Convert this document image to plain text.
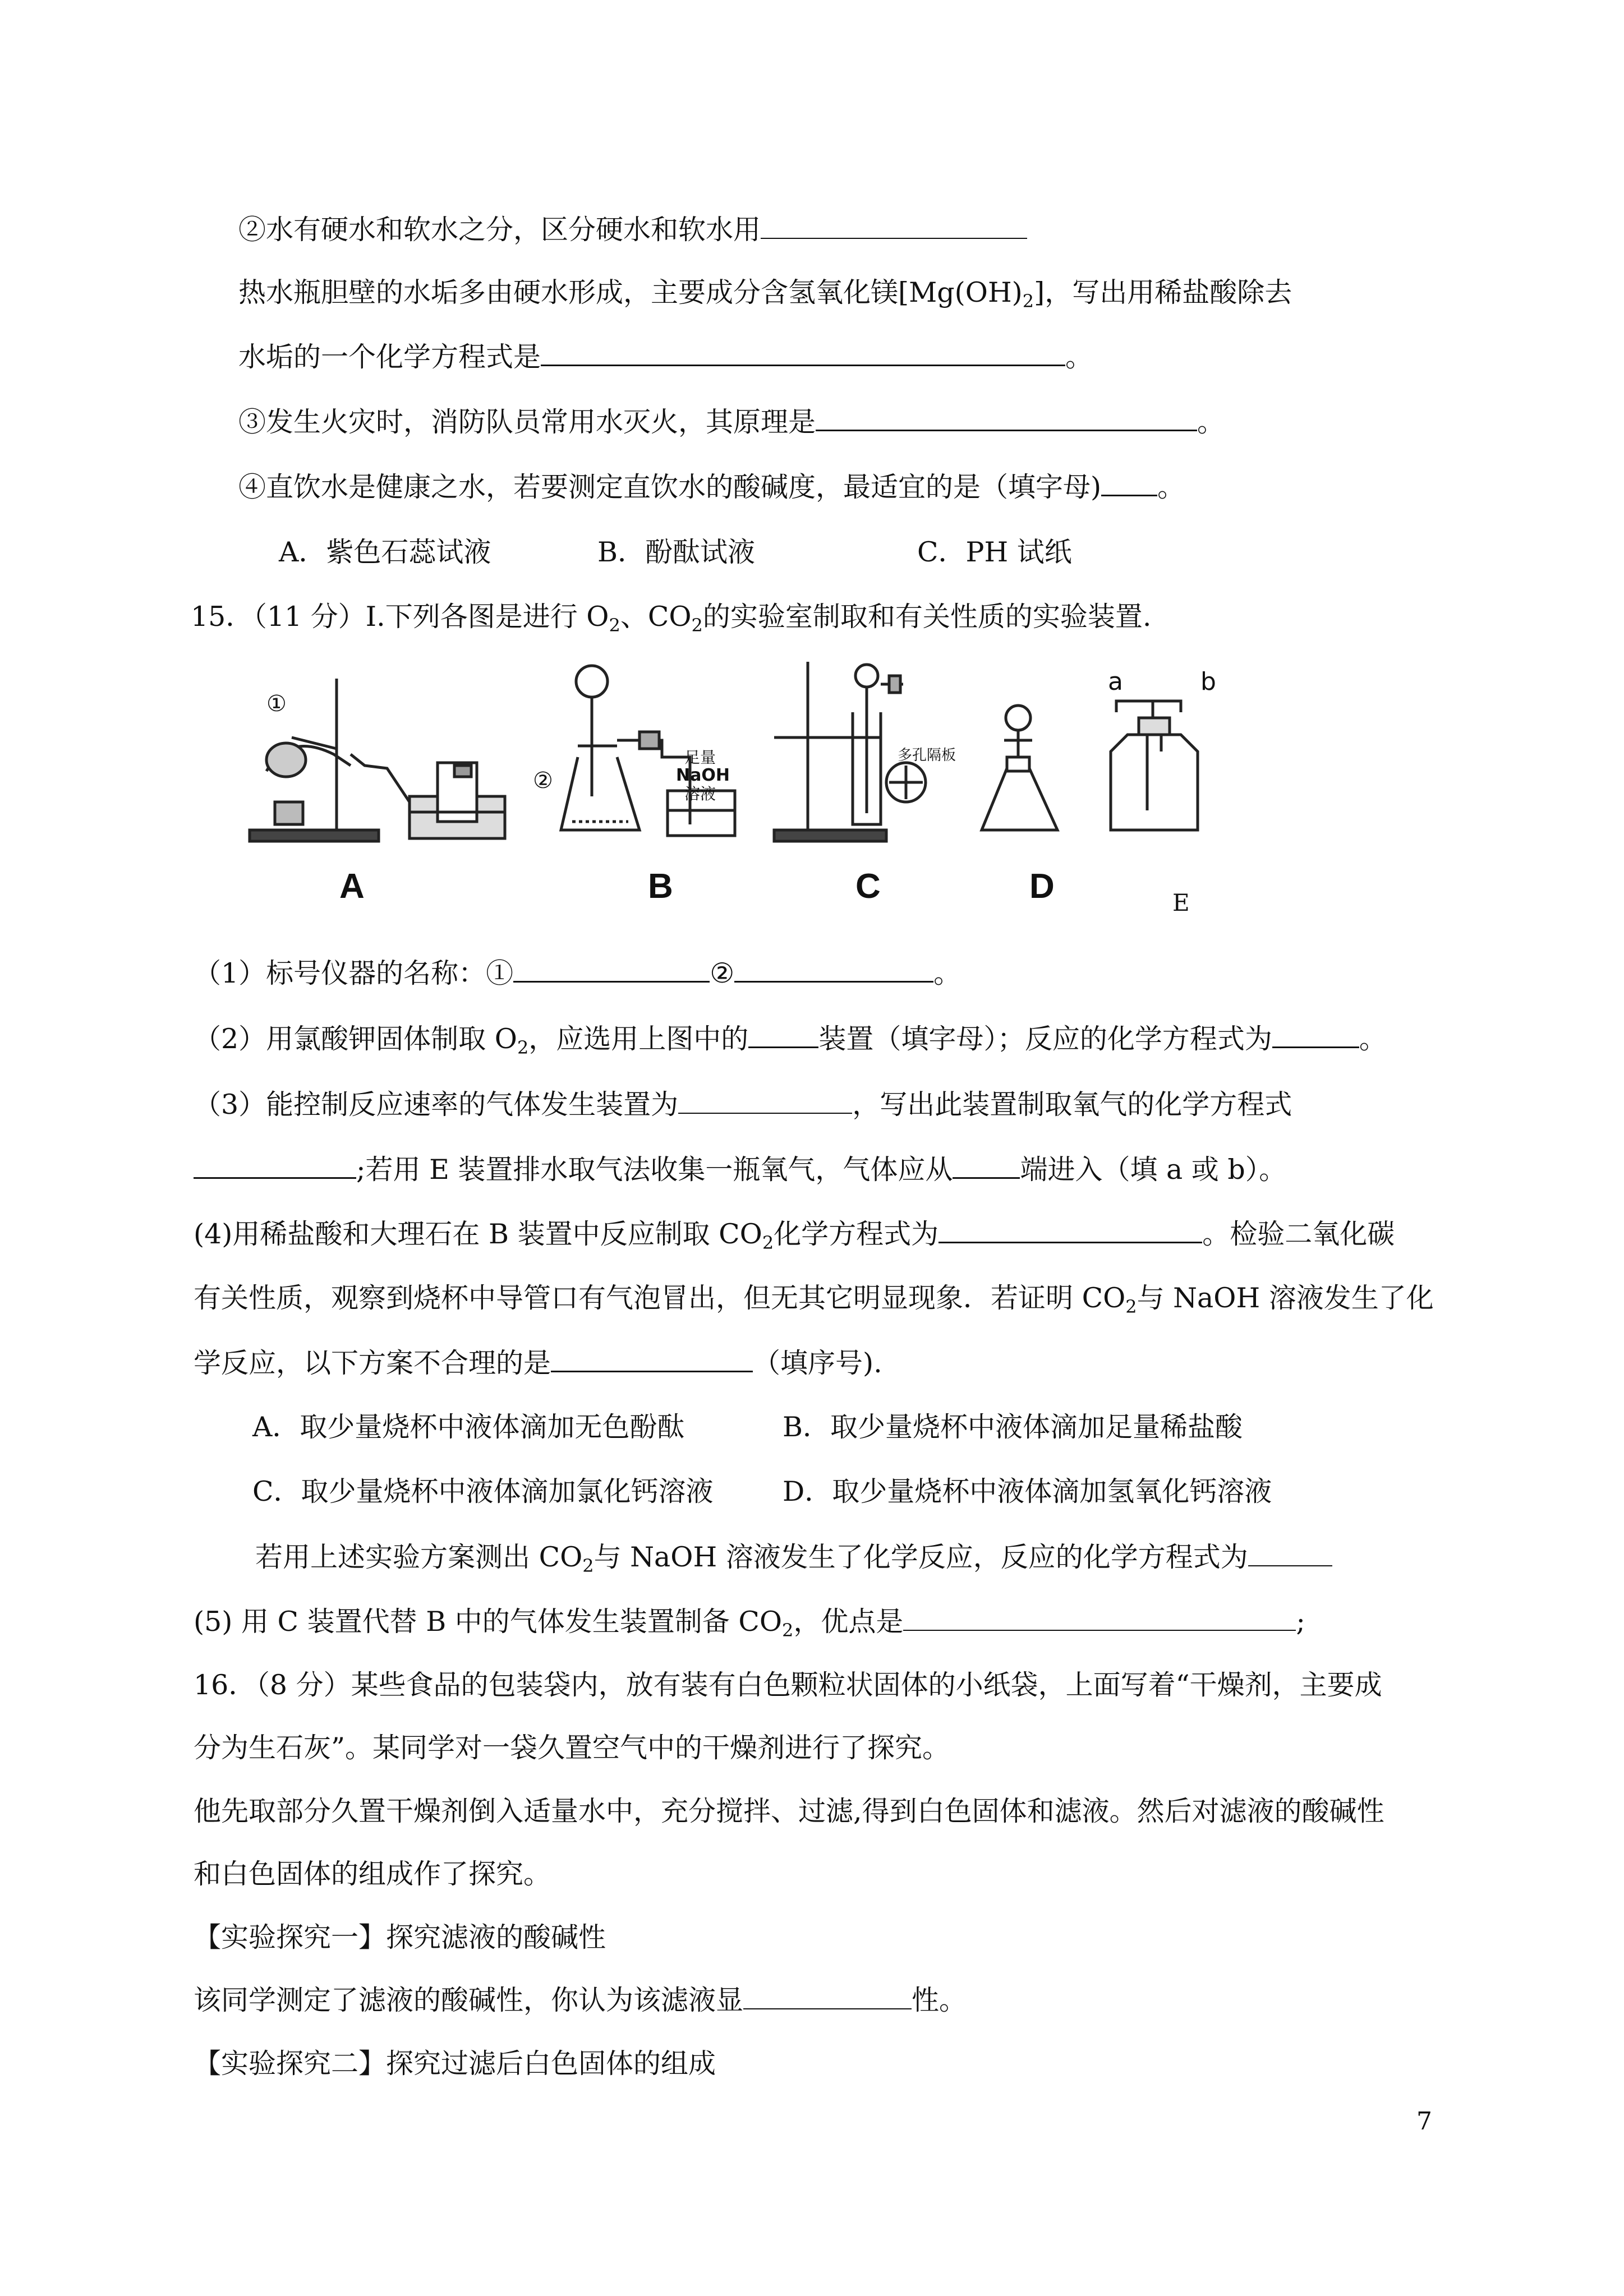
②水有硬水和软水之分，区分硬水和软水用
热水瓶胆壁的水垢多由硬水形成，主要成分含氢氧化镁$[Mg(OH)_2]$，写出用稀盐酸除去
水垢的一个化学方程式是	。
③发生火灾时，消防队员常用水灭火，其原理是	。
④直饮水是健康之水，若要测定直饮水的酸碱度，最适宜的是（填字母) 。
A．紫色石蕊试液	B．酚酞试液	C．PH 试纸
15．（11 分）Ⅰ.下列各图是进行 $O_2$、$CO_2$的实验室制取和有关性质的实验装置.
①
②
足量
NaOH
溶液
多孔隔板
a	b
A	B	C	D	E
（1）标号仪器的名称：①	②	。
（2）用氯酸钾固体制取 $O_2$，应选用上图中的	装置（填字母）；反应的化学方程式为	。
（3）能控制反应速率的气体发生装置为	，写出此装置制取氧气的化学方程式
;若用 E 装置排水取气法收集一瓶氧气，气体应从 端进入（填 a 或 b）。
(4)用稀盐酸和大理石在 B 装置中反应制取 $CO_2$化学方程式为	。检验二氧化碳
有关性质，观察到烧杯中导管口有气泡冒出，但无其它明显现象．若证明 $CO_2$与 NaOH 溶液发生了化
学反应，以下方案不合理的是	（填序号).
A．取少量烧杯中液体滴加无色酚酞	B．取少量烧杯中液体滴加足量稀盐酸
C．取少量烧杯中液体滴加氯化钙溶液	D．取少量烧杯中液体滴加氢氧化钙溶液
若用上述实验方案测出 $CO_2$与 NaOH 溶液发生了化学反应，反应的化学方程式为
(5) 用 C 装置代替 B 中的气体发生装置制备 $CO_2$，优点是	;
16．（8 分）某些食品的包装袋内，放有装有白色颗粒状固体的小纸袋，上面写着“干燥剂，主要成
分为生石灰”。某同学对一袋久置空气中的干燥剂进行了探究。
他先取部分久置干燥剂倒入适量水中，充分搅拌、过滤,得到白色固体和滤液。然后对滤液的酸碱性
和白色固体的组成作了探究。
【实验探究一】探究滤液的酸碱性
该同学测定了滤液的酸碱性，你认为该滤液显	性。
【实验探究二】探究过滤后白色固体的组成
7
